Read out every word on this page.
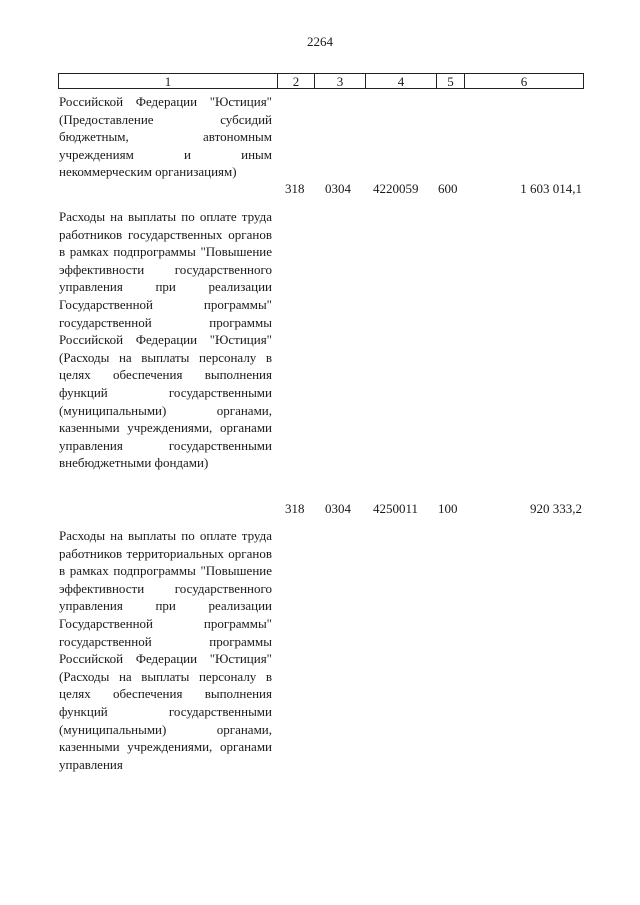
2264
1	2	3	4	5	6
Российской Федерации "Юстиция" (Предоставление субсидий бюджетным, автономным учреждениям и иным некоммерческим организациям)
318 0304 4220059 600	1 603 014,1
Расходы на выплаты по оплате труда работников государственных органов в рамках подпрограммы "Повышение эффективности государственного управления при реализации Государственной программы" государственной программы Российской Федерации "Юстиция" (Расходы на выплаты персоналу в целях обеспечения выполнения функций государственными (муниципальными) органами, казенными учреждениями, органами управления государственными внебюджетными фондами)
318 0304 4250011 100	920 333,2
Расходы на выплаты по оплате труда работников территориальных органов в рамках подпрограммы "Повышение эффективности государственного управления при реализации Государственной программы" государственной программы Российской Федерации "Юстиция" (Расходы на выплаты персоналу в целях обеспечения выполнения функций государственными (муниципальными) органами, казенными учреждениями, органами управления
